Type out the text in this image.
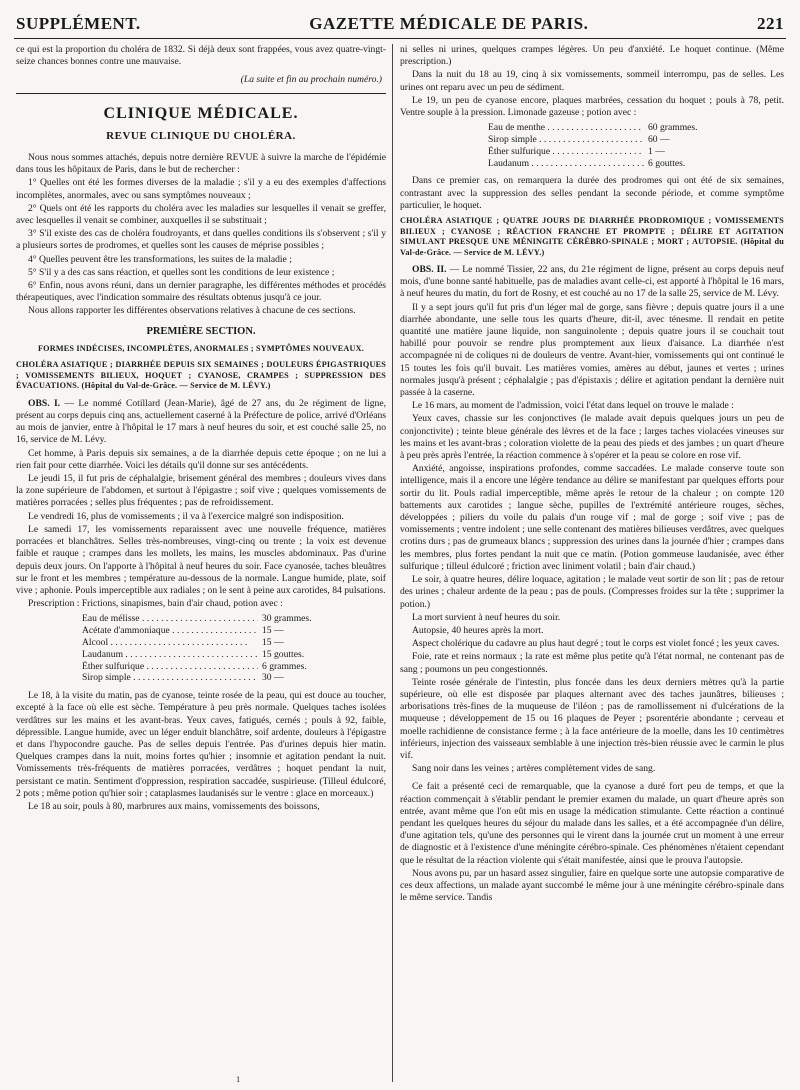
SUPPLÉMENT.	GAZETTE MÉDICALE DE PARIS.	221

ce qui est la proportion du choléra de 1832. Si déjà deux sont frappées, vous avez quatre-vingt-seize chances bonnes contre une mauvaise.

(La suite et fin au prochain numéro.)

CLINIQUE MÉDICALE.
REVUE CLINIQUE DU CHOLÉRA.

Nous nous sommes attachés, depuis notre dernière REVUE à suivre la marche de l'épidémie dans tous les hôpitaux de Paris, dans le but de rechercher :

1° Quelles ont été les formes diverses de la maladie ; s'il y a eu des exemples d'affections incomplètes, anormales, avec ou sans symptômes nouveaux ;

2° Quels ont été les rapports du choléra avec les maladies sur lesquelles il venait se greffer, avec lesquelles il venait se combiner, auxquelles il se substituait ;

3° S'il existe des cas de choléra foudroyants, et dans quelles conditions ils s'observent ; s'il y a plusieurs sortes de prodromes, et quelles sont les causes de méprise possibles ;

4° Quelles peuvent être les transformations, les suites de la maladie ;

5° S'il y a des cas sans réaction, et quelles sont les conditions de leur existence ;

6° Enfin, nous avons réuni, dans un dernier paragraphe, les différentes méthodes et procédés thérapeutiques, avec l'indication sommaire des résultats obtenus jusqu'à ce jour.

Nous allons rapporter les différentes observations relatives à chacune de ces sections.

PREMIÈRE SECTION.

FORMES INDÉCISES, INCOMPLÈTES, ANORMALES ; SYMPTÔMES NOUVEAUX.

CHOLÉRA ASIATIQUE ; DIARRHÉE DEPUIS SIX SEMAINES ; DOULEURS ÉPIGASTRIQUES ; VOMISSEMENTS BILIEUX, HOQUET ; CYANOSE, CRAMPES ; SUPPRESSION DES ÉVACUATIONS. (Hôpital du Val-de-Grâce. — Service de M. LÉVY.)

OBS. I. — Le nommé Cotillard (Jean-Marie), âgé de 27 ans, du 2e régiment de ligne, présent au corps depuis cinq ans, actuellement caserné à la Préfecture de police, arrivé d'Orléans au mois de janvier, entre à l'hôpital le 17 mars à neuf heures du soir, et est couché salle 25, no 16, service de M. Lévy.

Cet homme, à Paris depuis six semaines, a de la diarrhée depuis cette époque ; on ne lui a rien fait pour cette diarrhée. Voici les détails qu'il donne sur ses antécédents.

Le jeudi 15, il fut pris de céphalalgie, brisement général des membres ; douleurs vives dans la zone supérieure de l'abdomen, et surtout à l'épigastre ; soif vive ; quelques vomissements de matières porracées ; selles plus fréquentes ; pas de refroidissement.

Le vendredi 16, plus de vomissements ; il va à l'exercice malgré son indisposition.

Le samedi 17, les vomissements reparaissent avec une nouvelle fréquence, matières porracées et blanchâtres. Selles très-nombreuses, vingt-cinq ou trente ; la voix est devenue faible et rauque ; crampes dans les mollets, les mains, les muscles abdominaux. Pas d'urine depuis deux jours. On l'apporte à l'hôpital à neuf heures du soir. Face cyanosée, taches bleuâtres sur le front et les membres ; température au-dessous de la normale. Langue humide, plate, soif vive ; aphonie. Pouls imperceptible aux radiales ; on le sent à peine aux carotides, 84 pulsations.

Prescription : Frictions, sinapismes, bain d'air chaud, potion avec :

Eau de mélisse . . .	30 grammes.
Acétate d'ammoniaque . . .	15 —
Alcool . . .	15 —
Laudanum . . .	15 gouttes.
Éther sulfurique . . .	6 grammes.
Sirop simple . . .	30 —

Le 18, à la visite du matin, pas de cyanose, teinte rosée de la peau, qui est douce au toucher, excepté à la face où elle est sèche. Température à peu près normale. Quelques taches isolées verdâtres sur les mains et les avant-bras. Yeux caves, fatigués, cernés ; pouls à 92, faible, dépressible. Langue humide, avec un léger enduit blanchâtre, soif ardente, douleurs à l'épigastre et dans l'hypocondre gauche. Pas de selles depuis l'entrée. Pas d'urines depuis hier matin. Quelques crampes dans la nuit, moins fortes qu'hier ; insomnie et agitation pendant la nuit. Vomissements très-fréquents de matières porracées, verdâtres ; hoquet pendant la nuit, persistant ce matin. Sentiment d'oppression, respiration saccadée, suspirieuse. (Tilleul édulcoré, 2 pots ; même potion qu'hier soir ; cataplasmes laudanisés sur le ventre : glace en morceaux.)

Le 18 au soir, pouls à 80, marbrures aux mains, vomissements des boissons,

ni selles ni urines, quelques crampes légères. Un peu d'anxiété. Le hoquet continue. (Même prescription.)

Dans la nuit du 18 au 19, cinq à six vomissements, sommeil interrompu, pas de selles. Les urines ont reparu avec un peu de sédiment.

Le 19, un peu de cyanose encore, plaques marbrées, cessation du hoquet ; pouls à 78, petit. Ventre souple à la pression. Limonade gazeuse ; potion avec :

Eau de menthe . . .	60 grammes.
Sirop simple . . .	60 —
Éther sulfurique . . .	1 —
Laudanum . . .	6 gouttes.

Dans ce premier cas, on remarquera la durée des prodromes qui ont été de six semaines, contrastant avec la suppression des selles pendant la seconde période, et comme symptôme particulier, le hoquet.

CHOLÉRA ASIATIQUE ; QUATRE JOURS DE DIARRHÉE PRODROMIQUE ; VOMISSEMENTS BILIEUX ; CYANOSE ; RÉACTION FRANCHE ET PROMPTE ; DÉLIRE ET AGITATION SIMULANT PRESQUE UNE MÉNINGITE CÉRÉBRO-SPINALE ; MORT ; AUTOPSIE. (Hôpital du Val-de-Grâce. — Service de M. LÉVY.)

OBS. II. — Le nommé Tissier, 22 ans, du 21e régiment de ligne, présent au corps depuis neuf mois, d'une bonne santé habituelle, pas de maladies avant celle-ci, est apporté à l'hôpital le 16 mars, à neuf heures du matin, du fort de Rosny, et est couché au no 17 de la salle 25, service de M. Lévy.

Il y a sept jours qu'il fut pris d'un léger mal de gorge, sans fièvre ; depuis quatre jours il a une diarrhée abondante, une selle tous les quarts d'heure, dit-il, avec ténesme. Il rendait en petite quantité une matière jaune liquide, non sanguinolente ; depuis quatre jours il se couchait tout habillé pour pouvoir se rendre plus promptement aux lieux d'aisance. La diarrhée n'est accompagnée ni de coliques ni de douleurs de ventre. Avant-hier, vomissements qui ont continué le 15 toutes les fois qu'il buvait. Les matières vomies, amères au début, jaunes et vertes ; urines normales jusqu'à présent ; céphalalgie ; pas d'épistaxis ; délire et agitation pendant la dernière nuit passée à la caserne.

Le 16 mars, au moment de l'admission, voici l'état dans lequel on trouve le malade :

Yeux caves, chassie sur les conjonctives (le malade avait depuis quelques jours un peu de conjonctivite) ; teinte bleue générale des lèvres et de la face ; larges taches violacées vineuses sur les mains et les avant-bras ; coloration violette de la peau des pieds et des jambes ; un quart d'heure à peu près après l'entrée, la réaction commence à s'opérer et la peau se colore en rose vif.

Anxiété, angoisse, inspirations profondes, comme saccadées. Le malade conserve toute son intelligence, mais il a encore une légère tendance au délire se manifestant par quelques efforts pour sortir du lit. Pouls radial imperceptible, même après le retour de la chaleur ; on compte 120 battements aux carotides ; langue sèche, pupilles de l'extrémité antérieure rouges, sèches, développées ; piliers du voile du palais d'un rouge vif ; mal de gorge ; soif vive ; pas de vomissements ; ventre indolent ; une selle contenant des matières bilieuses verdâtres, avec quelques crotins durs ; pas de grumeaux blancs ; suppression des urines dans la journée d'hier ; crampes dans les membres, plus fortes pendant la nuit que ce matin. (Potion gommeuse laudanisée, avec éther sulfurique ; tilleul édulcoré ; friction avec liniment volatil ; bain d'air chaud.)

Le soir, à quatre heures, délire loquace, agitation ; le malade veut sortir de son lit ; pas de retour des urines ; chaleur ardente de la peau ; pas de pouls. (Compresses froides sur la tête ; supprimer la potion.)

La mort survient à neuf heures du soir.

Autopsie, 40 heures après la mort.

Aspect cholérique du cadavre au plus haut degré ; tout le corps est violet foncé ; les yeux caves.

Foie, rate et reins normaux ; la rate est même plus petite qu'à l'état normal, ne contenant pas de sang ; poumons un peu congestionnés.

Teinte rosée générale de l'intestin, plus foncée dans les deux derniers mètres qu'à la partie supérieure, où elle est disposée par plaques alternant avec des taches jaunâtres, bilieuses ; arborisations très-fines de la muqueuse de l'iléon ; pas de ramollissement ni d'ulcérations de la muqueuse ; développement de 15 ou 16 plaques de Peyer ; psorentérie abondante ; cerveau et moelle rachidienne de consistance ferme ; à la face antérieure de la moelle, dans les 10 centimètres inférieurs, injection des vaisseaux semblable à une injection très-bien réussie avec le carmin le plus vif.

Sang noir dans les veines ; artères complètement vides de sang.

Ce fait a présenté ceci de remarquable, que la cyanose a duré fort peu de temps, et que la réaction commençait à s'établir pendant le premier examen du malade, un quart d'heure après son entrée, avant même que l'on eût mis en usage la médication stimulante. Cette réaction a continué pendant les quelques heures du séjour du malade dans les salles, et a été accompagnée d'un délire, d'une agitation tels, qu'une des personnes qui le virent dans la journée crut un moment à une erreur de diagnostic et à l'existence d'une méningite cérébro-spinale. Ces phénomènes n'étaient cependant que le résultat de la réaction violente qui s'était manifestée, ainsi que le prouva l'autopsie.

Nous avons pu, par un hasard assez singulier, faire en quelque sorte une autopsie comparative de ces deux affections, un malade ayant succombé le même jour à une méningite cérébro-spinale dans le même service. Tandis

1
